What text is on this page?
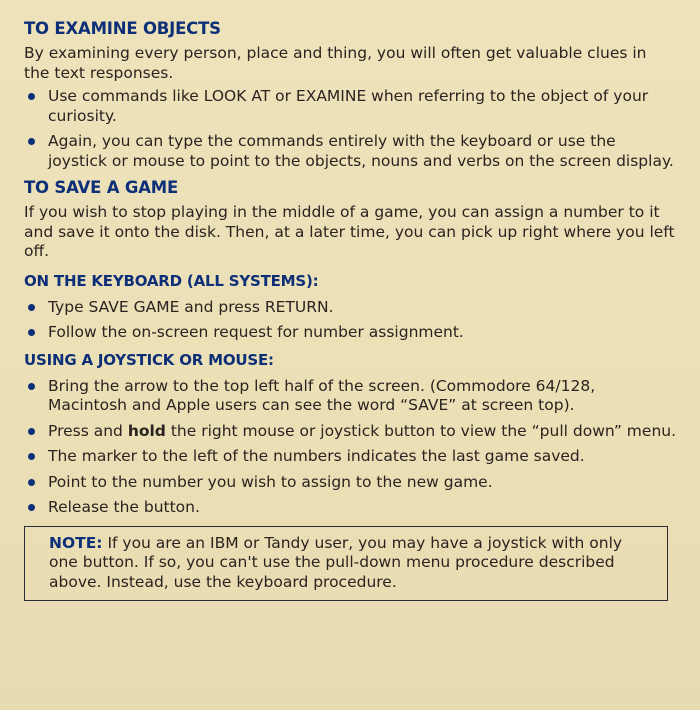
TO EXAMINE OBJECTS

By examining every person, place and thing, you will often get valuable clues in the text responses.

Use commands like LOOK AT or EXAMINE when referring to the object of your curiosity.
Again, you can type the commands entirely with the keyboard or use the joystick or mouse to point to the objects, nouns and verbs on the screen display.
TO SAVE A GAME

If you wish to stop playing in the middle of a game, you can assign a number to it and save it onto the disk. Then, at a later time, you can pick up right where you left off.

ON THE KEYBOARD (ALL SYSTEMS):
Type SAVE GAME and press RETURN.
Follow the on-screen request for number assignment.
USING A JOYSTICK OR MOUSE:
Bring the arrow to the top left half of the screen. (Commodore 64/128, Macintosh and Apple users can see the word “SAVE” at screen top).
Press and hold the right mouse or joystick button to view the “pull down” menu.
The marker to the left of the numbers indicates the last game saved.
Point to the number you wish to assign to the new game.
Release the button.
NOTE: If you are an IBM or Tandy user, you may have a joystick with only one button. If so, you can't use the pull-down menu procedure described above. Instead, use the keyboard procedure.
